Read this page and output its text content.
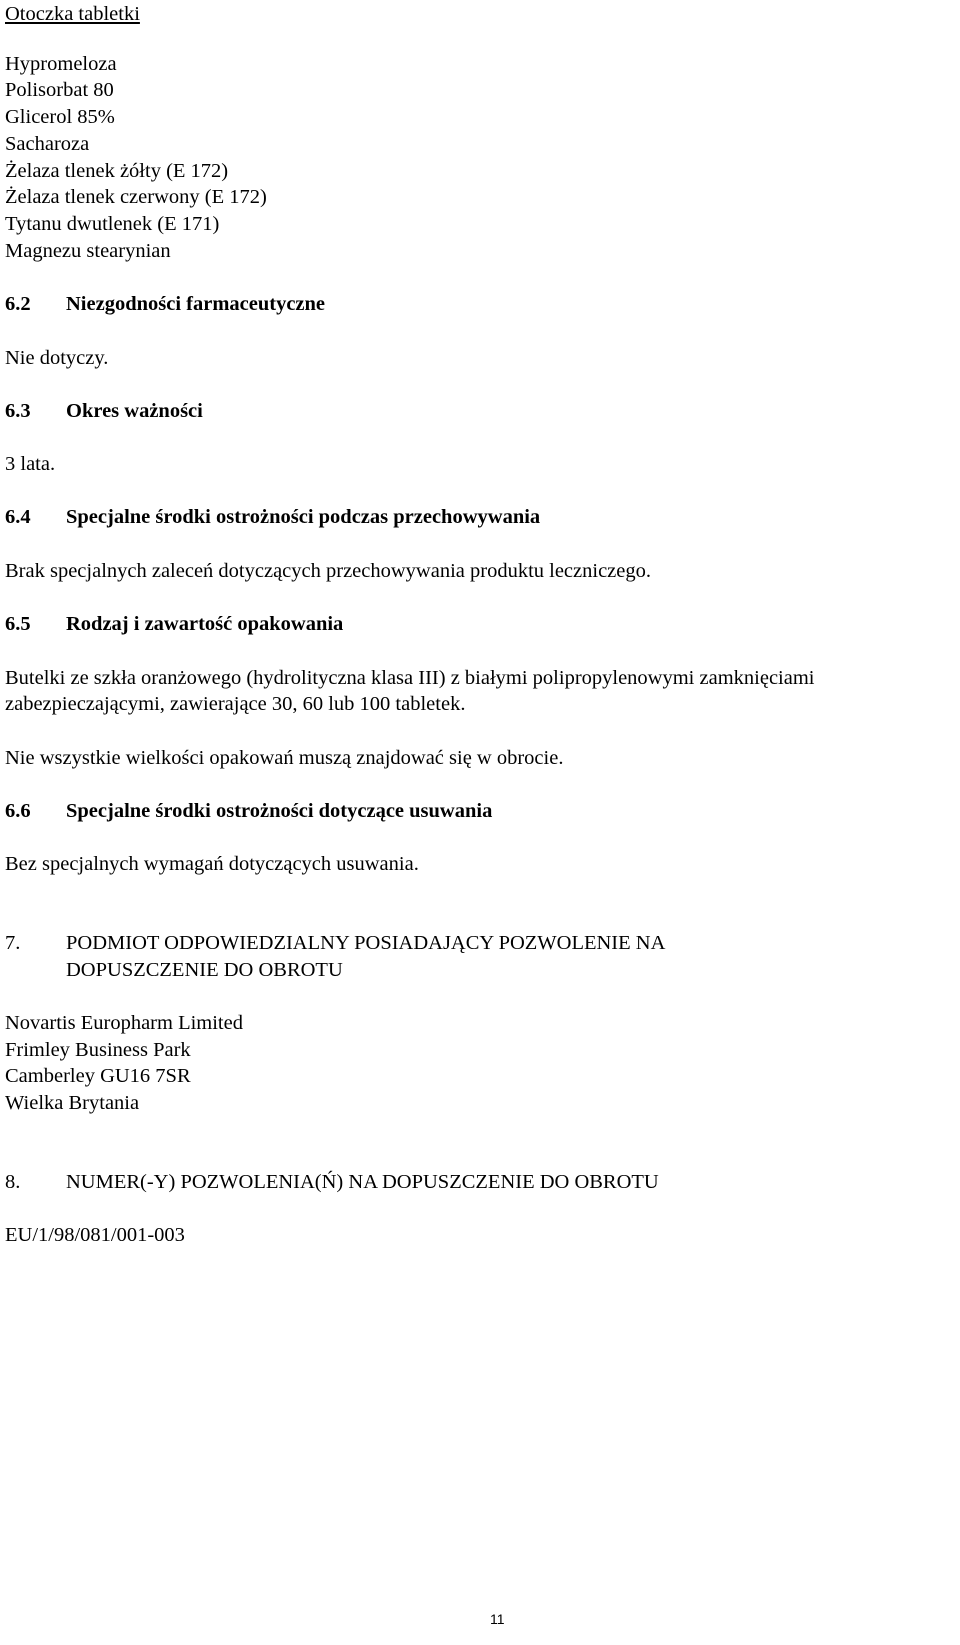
Otoczka tabletki
Hypromeloza
Polisorbat 80
Glicerol 85%
Sacharoza
Żelaza tlenek żółty (E 172)
Żelaza tlenek czerwony (E 172)
Tytanu dwutlenek (E 171)
Magnezu stearynian
6.2 Niezgodności farmaceutyczne
Nie dotyczy.
6.3 Okres ważności
3 lata.
6.4 Specjalne środki ostrożności podczas przechowywania
Brak specjalnych zaleceń dotyczących przechowywania produktu leczniczego.
6.5 Rodzaj i zawartość opakowania
Butelki ze szkła oranżowego (hydrolityczna klasa III) z białymi polipropylenowymi zamknięciami
zabezpieczającymi, zawierające 30, 60 lub 100 tabletek.
Nie wszystkie wielkości opakowań muszą znajdować się w obrocie.
6.6 Specjalne środki ostrożności dotyczące usuwania
Bez specjalnych wymagań dotyczących usuwania.
7. PODMIOT ODPOWIEDZIALNY POSIADAJĄCY POZWOLENIE NA
DOPUSZCZENIE DO OBROTU
Novartis Europharm Limited
Frimley Business Park
Camberley GU16 7SR
Wielka Brytania
8. NUMER(-Y) POZWOLENIA(Ń) NA DOPUSZCZENIE DO OBROTU
EU/1/98/081/001-003
11
